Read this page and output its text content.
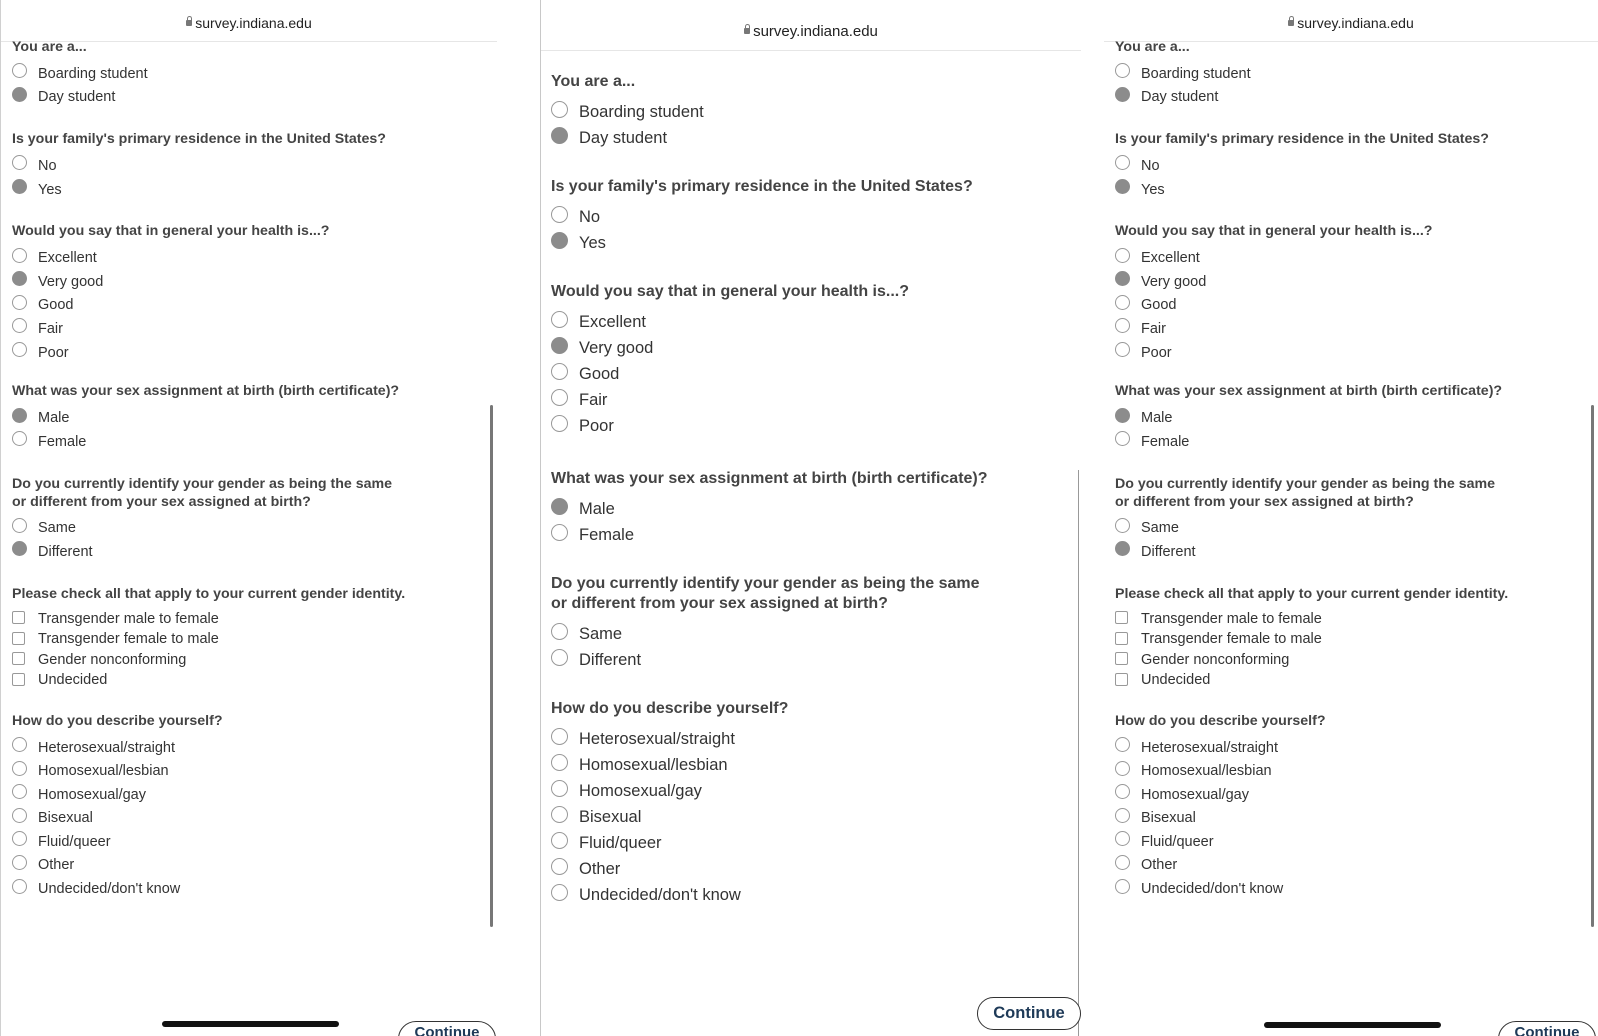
survey.indiana.edu
You are a...
Boarding student
Day student
Is your family's primary residence in the United States?
No
Yes
Would you say that in general your health is...?
Excellent
Very good
Good
Fair
Poor
What was your sex assignment at birth (birth certificate)?
Male
Female
Do you currently identify your gender as being the same
or different from your sex assigned at birth?
Same
Different
Please check all that apply to your current gender identity.
Transgender male to female
Transgender female to male
Gender nonconforming
Undecided
How do you describe yourself?
Heterosexual/straight
Homosexual/lesbian
Homosexual/gay
Bisexual
Fluid/queer
Other
Undecided/don't know
Continue
survey.indiana.edu
You are a...
Boarding student
Day student
Is your family's primary residence in the United States?
No
Yes
Would you say that in general your health is...?
Excellent
Very good
Good
Fair
Poor
What was your sex assignment at birth (birth certificate)?
Male
Female
Do you currently identify your gender as being the same
or different from your sex assigned at birth?
Same
Different
How do you describe yourself?
Heterosexual/straight
Homosexual/lesbian
Homosexual/gay
Bisexual
Fluid/queer
Other
Undecided/don't know
Continue
survey.indiana.edu
You are a...
Boarding student
Day student
Is your family's primary residence in the United States?
No
Yes
Would you say that in general your health is...?
Excellent
Very good
Good
Fair
Poor
What was your sex assignment at birth (birth certificate)?
Male
Female
Do you currently identify your gender as being the same
or different from your sex assigned at birth?
Same
Different
Please check all that apply to your current gender identity.
Transgender male to female
Transgender female to male
Gender nonconforming
Undecided
How do you describe yourself?
Heterosexual/straight
Homosexual/lesbian
Homosexual/gay
Bisexual
Fluid/queer
Other
Undecided/don't know
Continue
